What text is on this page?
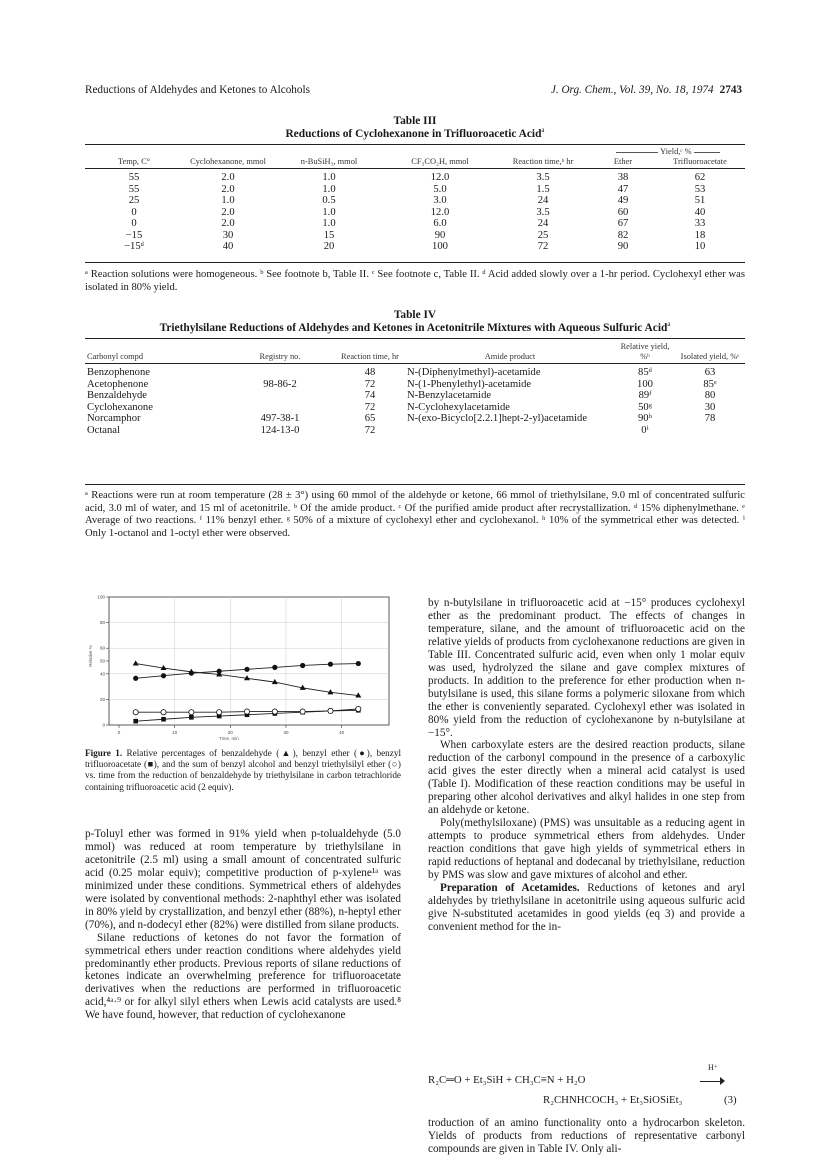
Reductions of Aldehydes and Ketones to Alcohols	J. Org. Chem., Vol. 39, No. 18, 1974 2743
Table III
Reductions of Cyclohexanone in Trifluoroacetic Acid$^a$
	Cyclohexanone, mmol				Yield,ᶜ %	
Temp, C°		n-BuSiH₃, mmol	CF₃CO₂H, mmol	Reaction time,ᵇ hr	Ether	Trifluoroacetate

55	2.0	1.0	12.0	3.5	38	62
55	2.0	1.0	5.0	1.5	47	53
25	1.0	0.5	3.0	24	49	51
0	2.0	1.0	12.0	3.5	60	40
0	2.0	1.0	6.0	24	67	33
−15	30	15	90	25	82	18
−15ᵈ	40	20	100	72	90	10
ᵃ Reaction solutions were homogeneous. ᵇ See footnote b, Table II. ᶜ See footnote c, Table II. ᵈ Acid added slowly over a 1-hr period. Cyclohexyl ether was isolated in 80% yield.
Table IV
Triethylsilane Reductions of Aldehydes and Ketones in Acetonitrile Mixtures with Aqueous Sulfuric Acid$^a$
Carbonyl compd	Registry no.	Reaction time, hr	Amide product	Relative yield, %ᵇ	Isolated yield, %ᶜ

Benzophenone		48	N-(Diphenylmethyl)-acetamide	85ᵈ	63
Acetophenone	98-86-2	72	N-(1-Phenylethyl)-acetamide	100	85ᵉ
Benzaldehyde		74	N-Benzylacetamide	89ᶠ	80
Cyclohexanone		72	N-Cyclohexylacetamide	50ᵍ	30
Norcamphor	497-38-1	65	N-(exo-Bicyclo[2.2.1]hept-2-yl)acetamide	90ʰ	78
Octanal	124-13-0	72		0ⁱ	
ᵃ Reactions were run at room temperature (28 ± 3°) using 60 mmol of the aldehyde or ketone, 66 mmol of triethylsilane, 9.0 ml of concentrated sulfuric acid, 3.0 ml of water, and 15 ml of acetonitrile. ᵇ Of the amide product. ᶜ Of the purified amide product after recrystallization. ᵈ 15% diphenylmethane. ᵉ Average of two reactions. ᶠ 11% benzyl ether. ᵍ 50% of a mixture of cyclohexyl ether and cyclohexanol. ʰ 10% of the symmetrical ether was detected. ⁱ Only 1-octanol and 1-octyl ether were observed.
0	10	20	30	40
0
20
40
50
60
80
100
Time, min
Relative %
Figure 1. Relative percentages of benzaldehyde (▲), benzyl ether (●), benzyl trifluoroacetate (■), and the sum of benzyl alcohol and benzyl triethylsilyl ether (○) vs. time from the reduction of benzaldehyde by triethylsilane in carbon tetrachloride containing trifluoroacetic acid (2 equiv).

p-Toluyl ether was formed in 91% yield when p-tolualdehyde (5.0 mmol) was reduced at room temperature by triethylsilane in acetonitrile (2.5 ml) using a small amount of concentrated sulfuric acid (0.25 molar equiv); competitive production of p-xylene¹ᵃ was minimized under these conditions. Symmetrical ethers of aldehydes were isolated by conventional methods: 2-naphthyl ether was isolated in 80% yield by crystallization, and benzyl ether (88%), n-heptyl ether (70%), and n-dodecyl ether (82%) were distilled from silane products.

Silane reductions of ketones do not favor the formation of symmetrical ethers under reaction conditions where aldehydes yield predominantly ether products. Previous reports of silane reductions of ketones indicate an overwhelming preference for trifluoroacetate derivatives when the reductions are performed in trifluoroacetic acid,⁴ᵃ·⁹ or for alkyl silyl ethers when Lewis acid catalysts are used.⁸ We have found, however, that reduction of cyclohexanone

by n-butylsilane in trifluoroacetic acid at −15° produces cyclohexyl ether as the predominant product. The effects of changes in temperature, silane, and the amount of trifluoroacetic acid on the relative yields of products from cyclohexanone reductions are given in Table III. Concentrated sulfuric acid, even when only 1 molar equiv was used, hydrolyzed the silane and gave complex mixtures of products. In addition to the preference for ether production when n-butylsilane is used, this silane forms a polymeric siloxane from which the ether is conveniently separated. Cyclohexyl ether was isolated in 80% yield from the reduction of cyclohexanone by n-butylsilane at −15°.

When carboxylate esters are the desired reaction products, silane reduction of the carbonyl compound in the presence of a carboxylic acid gives the ester directly when a mineral acid catalyst is used (Table I). Modification of these reaction conditions may be useful in preparing other alcohol derivatives and alkyl halides in one step from an aldehyde or ketone.

Poly(methylsiloxane) (PMS) was unsuitable as a reducing agent in attempts to produce symmetrical ethers from aldehydes. Under reaction conditions that gave high yields of symmetrical ethers in rapid reductions of heptanal and dodecanal by triethylsilane, reduction by PMS was slow and gave mixtures of alcohol and ether.

Preparation of Acetamides. Reductions of ketones and aryl aldehydes by triethylsilane in acetonitrile using aqueous sulfuric acid give N-substituted acetamides in good yields (eq 3) and provide a convenient method for the in-

R₂C═O + Et₃SiH + CH₃C≡N + H₂O
H⁺
R₂CHNHCOCH₃ + Et₃SiOSiEt₃	(3)

troduction of an amino functionality onto a hydrocarbon skeleton. Yields of products from reductions of representative carbonyl compounds are given in Table IV. Only ali-
